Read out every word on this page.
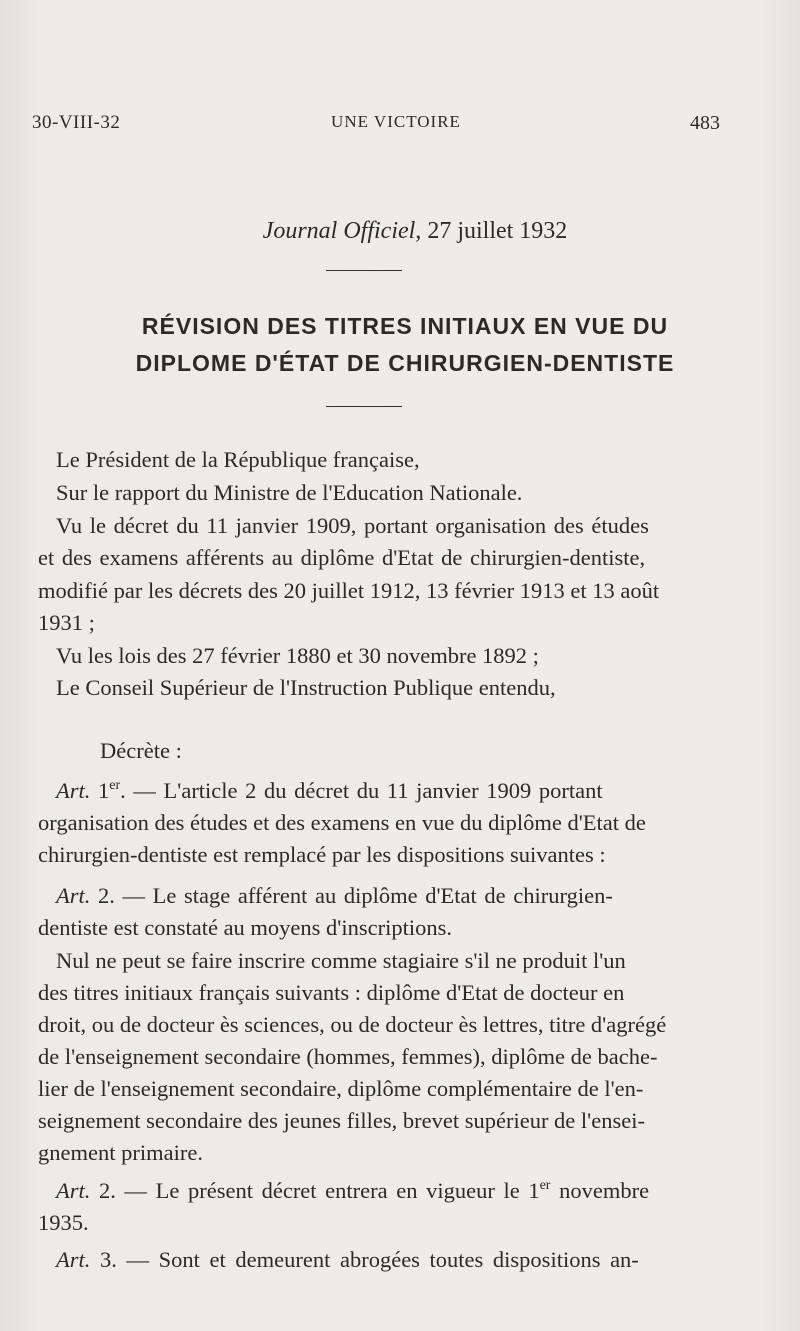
30-VIII-32	UNE VICTOIRE	483
Journal Officiel, 27 juillet 1932
RÉVISION DES TITRES INITIAUX EN VUE DU
DIPLOME D'ÉTAT DE CHIRURGIEN-DENTISTE
Le Président de la République française,
Sur le rapport du Ministre de l'Education Nationale.
Vu le décret du 11 janvier 1909, portant organisation des études
et des examens afférents au diplôme d'Etat de chirurgien-dentiste,
modifié par les décrets des 20 juillet 1912, 13 février 1913 et 13 août
1931 ;
Vu les lois des 27 février 1880 et 30 novembre 1892 ;
Le Conseil Supérieur de l'Instruction Publique entendu,
Décrète :
Art. 1er. — L'article 2 du décret du 11 janvier 1909 portant
organisation des études et des examens en vue du diplôme d'Etat de
chirurgien-dentiste est remplacé par les dispositions suivantes :
Art. 2. — Le stage afférent au diplôme d'Etat de chirurgien-
dentiste est constaté au moyens d'inscriptions.
Nul ne peut se faire inscrire comme stagiaire s'il ne produit l'un
des titres initiaux français suivants : diplôme d'Etat de docteur en
droit, ou de docteur ès sciences, ou de docteur ès lettres, titre d'agrégé
de l'enseignement secondaire (hommes, femmes), diplôme de bache-
lier de l'enseignement secondaire, diplôme complémentaire de l'en-
seignement secondaire des jeunes filles, brevet supérieur de l'ensei-
gnement primaire.
Art. 2. — Le présent décret entrera en vigueur le 1er novembre
1935.
Art. 3. — Sont et demeurent abrogées toutes dispositions an-
